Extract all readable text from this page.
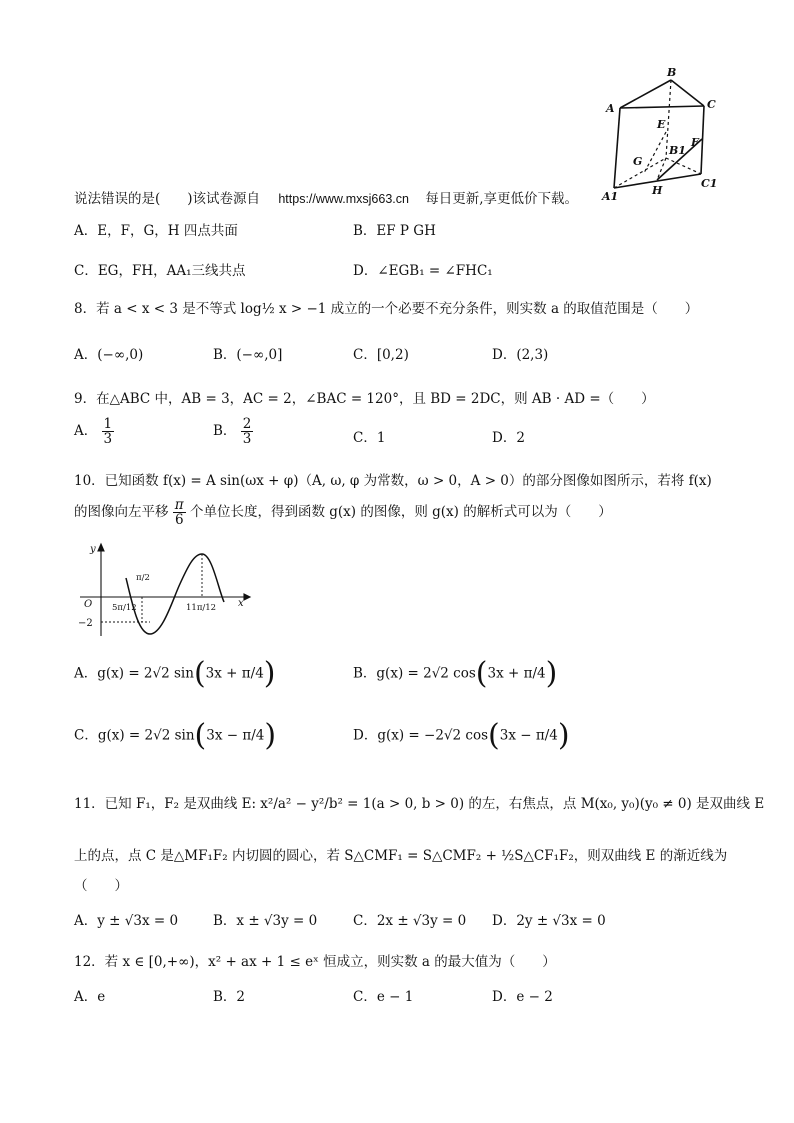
B
A	C
E
F
G
B1
H
A1
C1
说法错误的是(　　)该试卷源自 https://www.mxsj663.cn 每日更新,享更低价下载。
A．E，F，G，H 四点共面	B．EF P GH
C．EG，FH，AA₁三线共点	D．∠EGB₁ = ∠FHC₁
8．若 a < x < 3 是不等式 log½ x > −1 成立的一个必要不充分条件，则实数 a 的取值范围是（　　）
A．(−∞,0)	B．(−∞,0]	C．[0,2)	D．(2,3)
9．在△ABC 中，AB = 3，AC = 2，∠BAC = 120°，且 BD = 2DC，则 AB · AD =（　　）
A． $\frac{1}{3}$	B． $\frac{2}{3}$	C．1	D．2
10．已知函数 f(x) = A sin(ωx + φ)（A, ω, φ 为常数，ω > 0，A > 0）的部分图像如图所示，若将 f(x)
的图像向左平移 $\frac{\pi}{6}$ 个单位长度，得到函数 g(x) 的图像，则 g(x) 的解析式可以为（　　）
y
x
O
−2
π/2
5π/12	11π/12
A．g(x) = 2√2 sin(3x + π/4)	B．g(x) = 2√2 cos(3x + π/4)
C．g(x) = 2√2 sin(3x − π/4)	D．g(x) = −2√2 cos(3x − π/4)
11．已知 F₁，F₂ 是双曲线 E: x²/a² − y²/b² = 1(a > 0, b > 0) 的左，右焦点，点 M(x₀, y₀)(y₀ ≠ 0) 是双曲线 E
上的点，点 C 是△MF₁F₂ 内切圆的圆心，若 S△CMF₁ = S△CMF₂ + ½S△CF₁F₂，则双曲线 E 的渐近线为
（　　）
A．y ± √3x = 0	B．x ± √3y = 0	C．2x ± √3y = 0 D．2y ± √3x = 0
12．若 x ∈ [0,+∞)，x² + ax + 1 ≤ eˣ 恒成立，则实数 a 的最大值为（　　）
A．e	B．2	C．e − 1	D．e − 2
